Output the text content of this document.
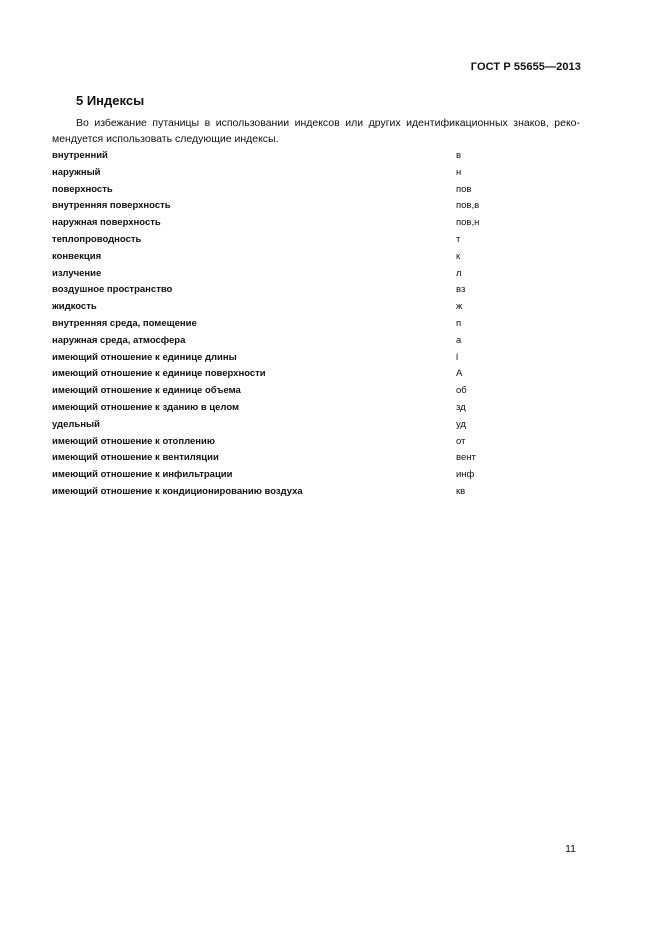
ГОСТ Р 55655—2013
5 Индексы
Во избежание путаницы в использовании индексов или других идентификационных знаков, реко-
мендуется использовать следующие индексы.
внутренний	в
наружный	н
поверхность	пов
внутренняя поверхность	пов,в
наружная поверхность	пов,н
теплопроводность	т
конвекция	к
излучение	л
воздушное пространство	вз
жидкость	ж
внутренняя среда, помещение	п
наружная среда, атмосфера	а
имеющий отношение к единице длины	l
имеющий отношение к единице поверхности	А
имеющий отношение к единице объема	об
имеющий отношение к зданию в целом	зд
удельный	уд
имеющий отношение к отоплению	от
имеющий отношение к вентиляции	вент
имеющий отношение к инфильтрации	инф
имеющий отношение к кондиционированию воздуха	кв
11
